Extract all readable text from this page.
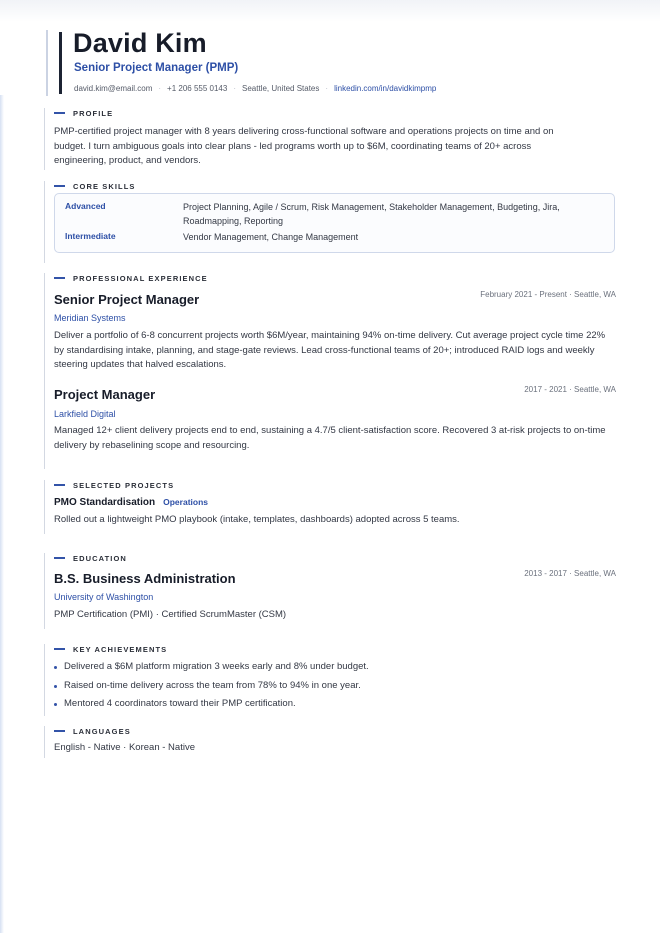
David Kim
Senior Project Manager (PMP)
david.kim@email.com · +1 206 555 0143 · Seattle, United States · linkedin.com/in/davidkimpmp
PROFILE
PMP-certified project manager with 8 years delivering cross-functional software and operations projects on time and on budget. I turn ambiguous goals into clear plans - led programs worth up to $6M, coordinating teams of 20+ across engineering, product, and vendors.
CORE SKILLS
Advanced	Project Planning, Agile / Scrum, Risk Management, Stakeholder Management, Budgeting, Jira, Roadmapping, Reporting
Intermediate	Vendor Management, Change Management
PROFESSIONAL EXPERIENCE
Senior Project Manager	February 2021 - Present · Seattle, WA
Meridian Systems
Deliver a portfolio of 6-8 concurrent projects worth $6M/year, maintaining 94% on-time delivery. Cut average project cycle time 22% by standardising intake, planning, and stage-gate reviews. Lead cross-functional teams of 20+; introduced RAID logs and weekly steering updates that halved escalations.
Project Manager	2017 - 2021 · Seattle, WA
Larkfield Digital
Managed 12+ client delivery projects end to end, sustaining a 4.7/5 client-satisfaction score. Recovered 3 at-risk projects to on-time delivery by rebaselining scope and resourcing.
SELECTED PROJECTS
PMO Standardisation Operations
Rolled out a lightweight PMO playbook (intake, templates, dashboards) adopted across 5 teams.
EDUCATION
B.S. Business Administration	2013 - 2017 · Seattle, WA
University of Washington
PMP Certification (PMI) · Certified ScrumMaster (CSM)
KEY ACHIEVEMENTS
Delivered a $6M platform migration 3 weeks early and 8% under budget.
Raised on-time delivery across the team from 78% to 94% in one year.
Mentored 4 coordinators toward their PMP certification.
LANGUAGES
English - Native · Korean - Native
